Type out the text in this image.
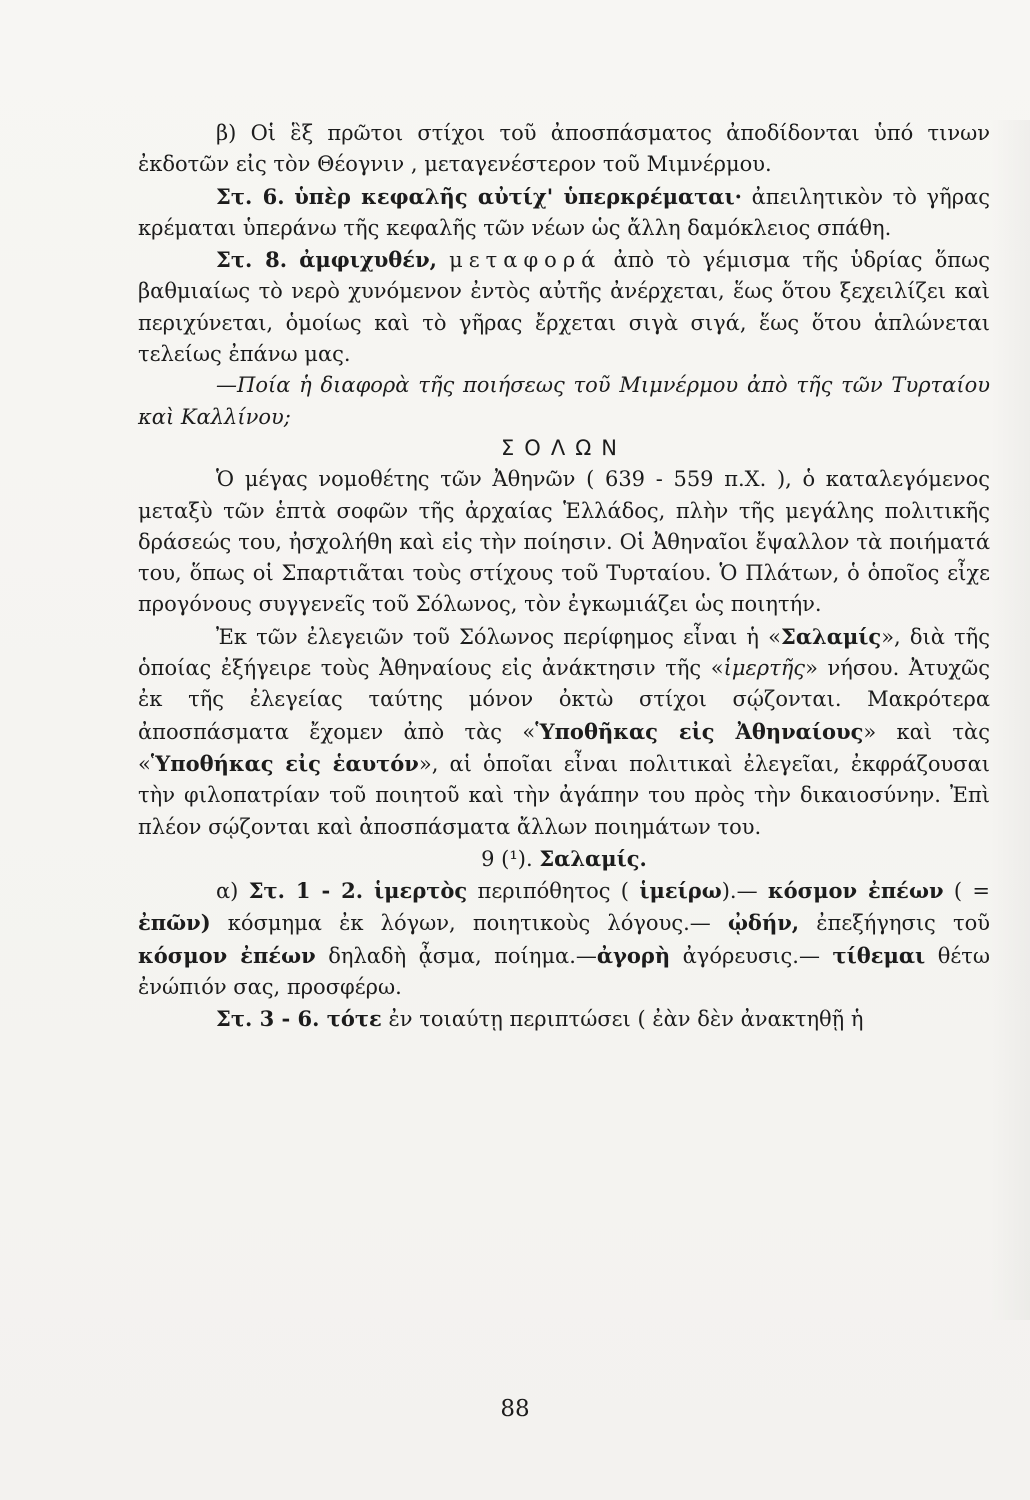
β) Οἱ ἓξ πρῶτοι στίχοι τοῦ ἀποσπάσματος ἀποδίδονται ὑπό τινων ἐκδοτῶν εἰς τὸν Θέογνιν , μεταγενέστερον τοῦ Μιμνέρμου.

Στ. 6. ὑπὲρ κεφαλῆς αὐτίχ' ὑπερκρέμαται· ἀπειλητικὸν τὸ γῆρας κρέμαται ὑπεράνω τῆς κεφαλῆς τῶν νέων ὡς ἄλλη δαμόκλειος σπάθη.

Στ. 8. ἀμφιχυθέν, μεταφορά ἀπὸ τὸ γέμισμα τῆς ὑδρίας ὅπως βαθμιαίως τὸ νερὸ χυνόμενον ἐντὸς αὐτῆς ἀνέρχεται, ἕως ὅτου ξεχειλίζει καὶ περιχύνεται, ὁμοίως καὶ τὸ γῆρας ἔρχεται σιγὰ σιγά, ἕως ὅτου ἁπλώνεται τελείως ἐπάνω μας.

—Ποία ἡ διαφορὰ τῆς ποιήσεως τοῦ Μιμνέρμου ἀπὸ τῆς τῶν Τυρταίου καὶ Καλλίνου;

ΣΟΛΩΝ

Ὁ μέγας νομοθέτης τῶν Ἀθηνῶν ( 639 - 559 π.Χ. ), ὁ καταλεγόμενος μεταξὺ τῶν ἑπτὰ σοφῶν τῆς ἀρχαίας Ἑλλάδος, πλὴν τῆς μεγάλης πολιτικῆς δράσεώς του, ἠσχολήθη καὶ εἰς τὴν ποίησιν. Οἱ Ἀθηναῖοι ἔψαλλον τὰ ποιήματά του, ὅπως οἱ Σπαρτιᾶται τοὺς στίχους τοῦ Τυρταίου. Ὁ Πλάτων, ὁ ὁποῖος εἶχε προγόνους συγγενεῖς τοῦ Σόλωνος, τὸν ἐγκωμιάζει ὡς ποιητήν.

Ἐκ τῶν ἐλεγειῶν τοῦ Σόλωνος περίφημος εἶναι ἡ «Σαλαμίς», διὰ τῆς ὁποίας ἐξήγειρε τοὺς Ἀθηναίους εἰς ἀνάκτησιν τῆς «ἱμερτῆς» νήσου. Ἀτυχῶς ἐκ τῆς ἐλεγείας ταύτης μόνον ὀκτὼ στίχοι σῴζονται. Μακρότερα ἀποσπάσματα ἔχομεν ἀπὸ τὰς «Ὑποθῆκας εἰς Ἀθηναίους» καὶ τὰς «Ὑποθήκας εἰς ἑαυτόν», αἱ ὁποῖαι εἶναι πολιτικαὶ ἐλεγεῖαι, ἐκφράζουσαι τὴν φιλοπατρίαν τοῦ ποιητοῦ καὶ τὴν ἀγάπην του πρὸς τὴν δικαιοσύνην. Ἐπὶ πλέον σῴζονται καὶ ἀποσπάσματα ἄλλων ποιημάτων του.

9 (¹). Σαλαμίς.

α) Στ. 1 - 2. ἱμερτὸς περιπόθητος ( ἱμείρω).— κόσμον ἐπέων ( = ἐπῶν) κόσμημα ἐκ λόγων, ποιητικοὺς λόγους.— ᾠδήν, ἐπεξήγησις τοῦ κόσμον ἐπέων δηλαδὴ ᾆσμα, ποίημα.—ἀγορὴ ἀγόρευσις.— τίθεμαι θέτω ἐνώπιόν σας, προσφέρω.

Στ. 3 - 6. τότε ἐν τοιαύτῃ περιπτώσει ( ἐὰν δὲν ἀνακτηθῇ ἡ

88
